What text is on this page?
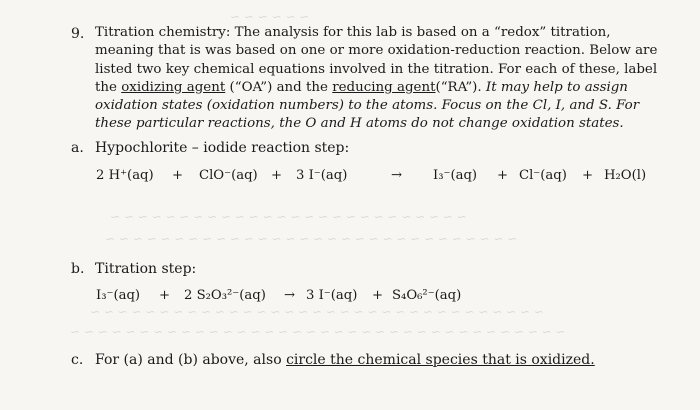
~ ~ ~ ~ ~ ~
~ ~ ~ ~ ~ ~ ~ ~ ~ ~ ~ ~ ~ ~ ~ ~ ~ ~ ~ ~ ~ ~ ~ ~ ~ ~
~ ~ ~ ~ ~ ~ ~ ~ ~ ~ ~ ~ ~ ~ ~ ~ ~ ~ ~ ~ ~ ~ ~ ~ ~ ~ ~ ~ ~ ~
~ ~ ~ ~ ~ ~ ~ ~ ~ ~ ~ ~ ~ ~ ~ ~ ~ ~ ~ ~ ~ ~ ~ ~ ~ ~ ~ ~ ~ ~ ~ ~ ~
~ ~ ~ ~ ~ ~ ~ ~ ~ ~ ~ ~ ~ ~ ~ ~ ~ ~ ~ ~ ~ ~ ~ ~ ~ ~ ~ ~ ~ ~ ~ ~ ~ ~ ~ ~
9. Titration chemistry: The analysis for this lab is based on a “redox” titration, meaning that is was based on one or more oxidation-reduction reaction. Below are listed two key chemical equations involved in the titration. For each of these, label the oxidizing agent (“OA”) and the reducing agent(“RA”). It may help to assign oxidation states (oxidation numbers) to the atoms. Focus on the Cl, I, and S. For these particular reactions, the O and H atoms do not change oxidation states.

a. Hypochlorite – iodide reaction step:
2 H⁺(aq) + ClO⁻(aq) + 3 I⁻(aq)	→ I₃⁻(aq) + Cl⁻(aq) + H₂O(l)
b. Titration step:
I₃⁻(aq) + 2 S₂O₃²⁻(aq) → 3 I⁻(aq) + S₄O₆²⁻(aq)
c. For (a) and (b) above, also circle the chemical species that is oxidized.
